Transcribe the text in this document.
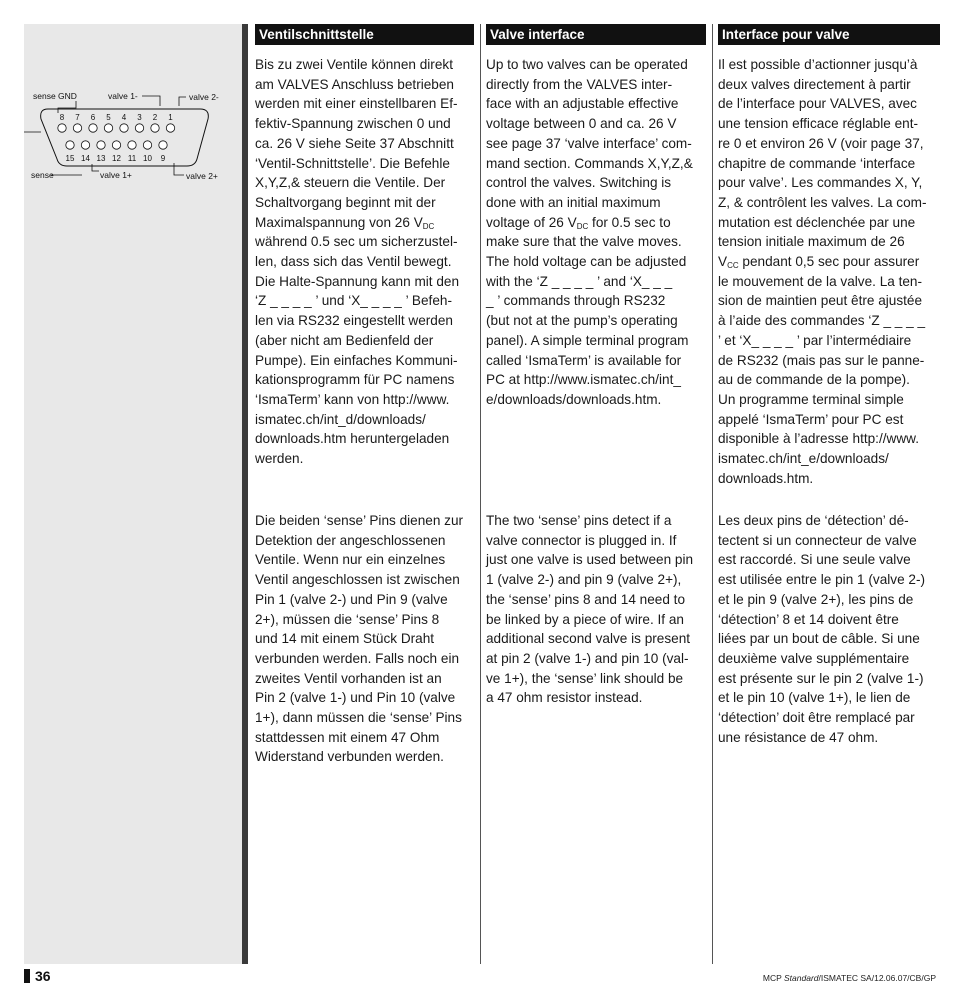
sense GND	valve 1-	valve 2-
sense	valve 1+	valve 2+
8 7 6 5 4 3 2 1
15 14 13 12 11 10 9
Ventilschnittstelle

Bis zu zwei Ventile können direkt
am VALVES Anschluss betrieben
werden mit einer einstellbaren Ef-
fektiv-Spannung zwischen 0 und
ca. 26 V siehe Seite 37 Abschnitt
‘Ventil-Schnittstelle’. Die Befehle
X,Y,Z,& steuern die Ventile. Der
Schaltvorgang beginnt mit der
Maximalspannung von 26 $V_{DC}$
während 0.5 sec um sicherzustel-
len, dass sich das Ventil bewegt.
Die Halte-Spannung kann mit den
‘Z _ _ _ _ ’ und ‘X_ _ _ _ ’ Befeh-
len via RS232 eingestellt werden
(aber nicht am Bedienfeld der
Pumpe). Ein einfaches Kommuni-
kationsprogramm für PC namens
‘IsmaTerm’ kann von http://www.
ismatec.ch/int_d/downloads/
downloads.htm heruntergeladen
werden.

Die beiden ‘sense’ Pins dienen zur
Detektion der angeschlossenen
Ventile. Wenn nur ein einzelnes
Ventil angeschlossen ist zwischen
Pin 1 (valve 2-) und Pin 9 (valve
2+), müssen die ‘sense’ Pins 8
und 14 mit einem Stück Draht
verbunden werden. Falls noch ein
zweites Ventil vorhanden ist an
Pin 2 (valve 1-) und Pin 10 (valve
1+), dann müssen die ‘sense’ Pins
stattdessen mit einem 47 Ohm
Widerstand verbunden werden.

Valve interface

Up to two valves can be operated
directly from the VALVES inter-
face with an adjustable effective
voltage between 0 and ca. 26 V
see page 37 ‘valve interface’ com-
mand section. Commands X,Y,Z,&
control the valves. Switching is
done with an initial maximum
voltage of 26 $V_{DC}$ for 0.5 sec to
make sure that the valve moves.
The hold voltage can be adjusted
with the ‘Z _ _ _ _ ’ and ‘X_ _ _
_ ’ commands through RS232
(but not at the pump’s operating
panel). A simple terminal program
called ‘IsmaTerm’ is available for
PC at http://www.ismatec.ch/int_
e/downloads/downloads.htm.

The two ‘sense’ pins detect if a
valve connector is plugged in. If
just one valve is used between pin
1 (valve 2-) and pin 9 (valve 2+),
the ‘sense’ pins 8 and 14 need to
be linked by a piece of wire. If an
additional second valve is present
at pin 2 (valve 1-) and pin 10 (val-
ve 1+), the ‘sense’ link should be
a 47 ohm resistor instead.

Interface pour valve

Il est possible d’actionner jusqu’à
deux valves directement à partir
de l’interface pour VALVES, avec
une tension efficace réglable ent-
re 0 et environ 26 V (voir page 37,
chapitre de commande ‘interface
pour valve’. Les commandes X, Y,
Z, & contrôlent les valves. La com-
mutation est déclenchée par une
tension initiale maximum de 26
$V_{CC}$ pendant 0,5 sec pour assurer
le mouvement de la valve. La ten-
sion de maintien peut être ajustée
à l’aide des commandes ‘Z _ _ _ _
’ et ‘X_ _ _ _ ’ par l’intermédiaire
de RS232 (mais pas sur le panne-
au de commande de la pompe).
Un programme terminal simple
appelé ‘IsmaTerm’ pour PC est
disponible à l’adresse http://www.
ismatec.ch/int_e/downloads/
downloads.htm.

Les deux pins de ‘détection’ dé-
tectent si un connecteur de valve
est raccordé. Si une seule valve
est utilisée entre le pin 1 (valve 2-)
et le pin 9 (valve 2+), les pins de
‘détection’ 8 et 14 doivent être
liées par un bout de câble. Si une
deuxième valve supplémentaire
est présente sur le pin 2 (valve 1-)
et le pin 10 (valve 1+), le lien de
‘détection’ doit être remplacé par
une résistance de 47 ohm.

36	MCP Standard/ISMATEC SA/12.06.07/CB/GP
